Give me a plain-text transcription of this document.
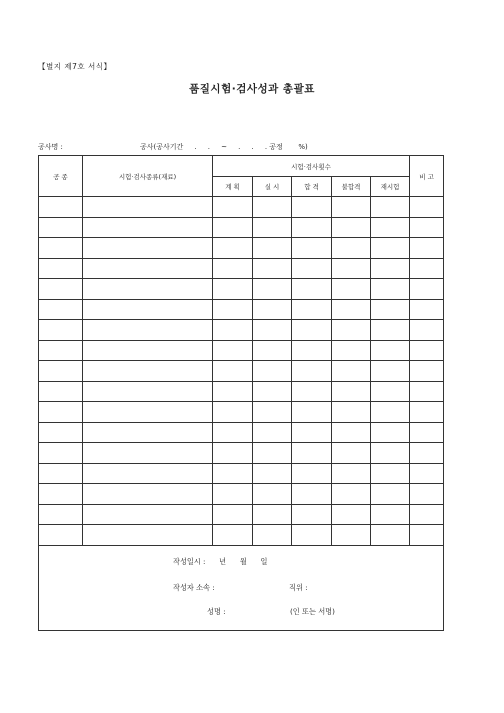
【별지 제7호 서식】
품질시험·검사성과 총괄표
공사명 :	공사(공사기간     .     .     ~     .     .     . 공정       %)
공 종	시험·검사종류(재료)	시험·검사횟수					비 고
		계 획	실 시	합 격	불합격	재시험	

작성일시 :      년      월      일
작성자 소속 : 직위 :
성명 : (인 또는 서명)							
